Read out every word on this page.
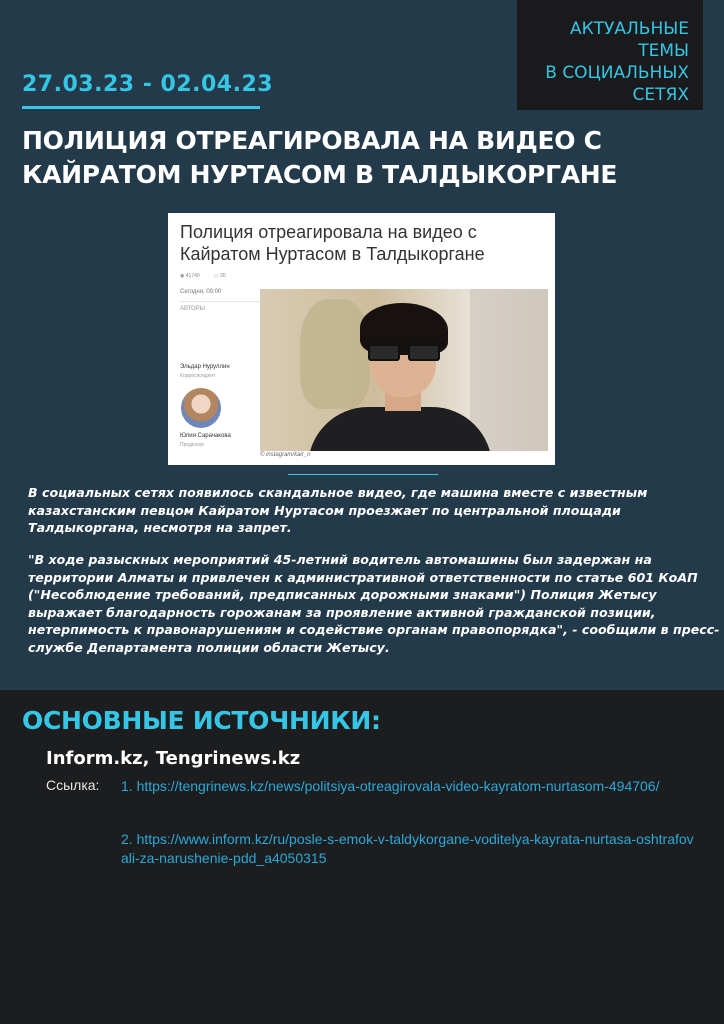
АКТУАЛЬНЫЕ ТЕМЫ
В СОЦИАЛЬНЫХ
СЕТЯХ
27.03.23 - 02.04.23
ПОЛИЦИЯ ОТРЕАГИРОВАЛА НА ВИДЕО С КАЙРАТОМ НУРТАСОМ В ТАЛДЫКОРГАНЕ
Полиция отреагировала на видео с Кайратом Нуртасом в Талдыкоргане
◉ 41740	▭ 26
Сегодня, 09:00
АВТОРЫ
Эльдар Нуруллин
Корреспондент
Юлия Сарачакова
Продюсер
© instagram/kair_n

В социальных сетях появилось скандальное видео, где машина вместе с известным казахстанским певцом Кайратом Нуртасом проезжает по центральной площади Талдыкоргана, несмотря на запрет.

"В ходе разыскных мероприятий 45-летний водитель автомашины был задержан на территории Алматы и привлечен к административной ответственности по статье 601 КоАП ("Несоблюдение требований, предписанных дорожными знаками") Полиция Жетысу выражает благодарность горожанам за проявление активной гражданской позиции, нетерпимость к правонарушениям и содействие органам правопорядка", - сообщили в пресс-службе Департамента полиции области Жетысу.

ОСНОВНЫЕ ИСТОЧНИКИ:
Inform.kz, Tengrinews.kz
Ссылка: 1. https://tengrinews.kz/news/politsiya-otreagirovala-video-kayratom-nurtasom-494706/
2. https://www.inform.kz/ru/posle-s-emok-v-taldykorgane-voditelya-kayrata-nurtasa-oshtrafovali-za-narushenie-pdd_a4050315
